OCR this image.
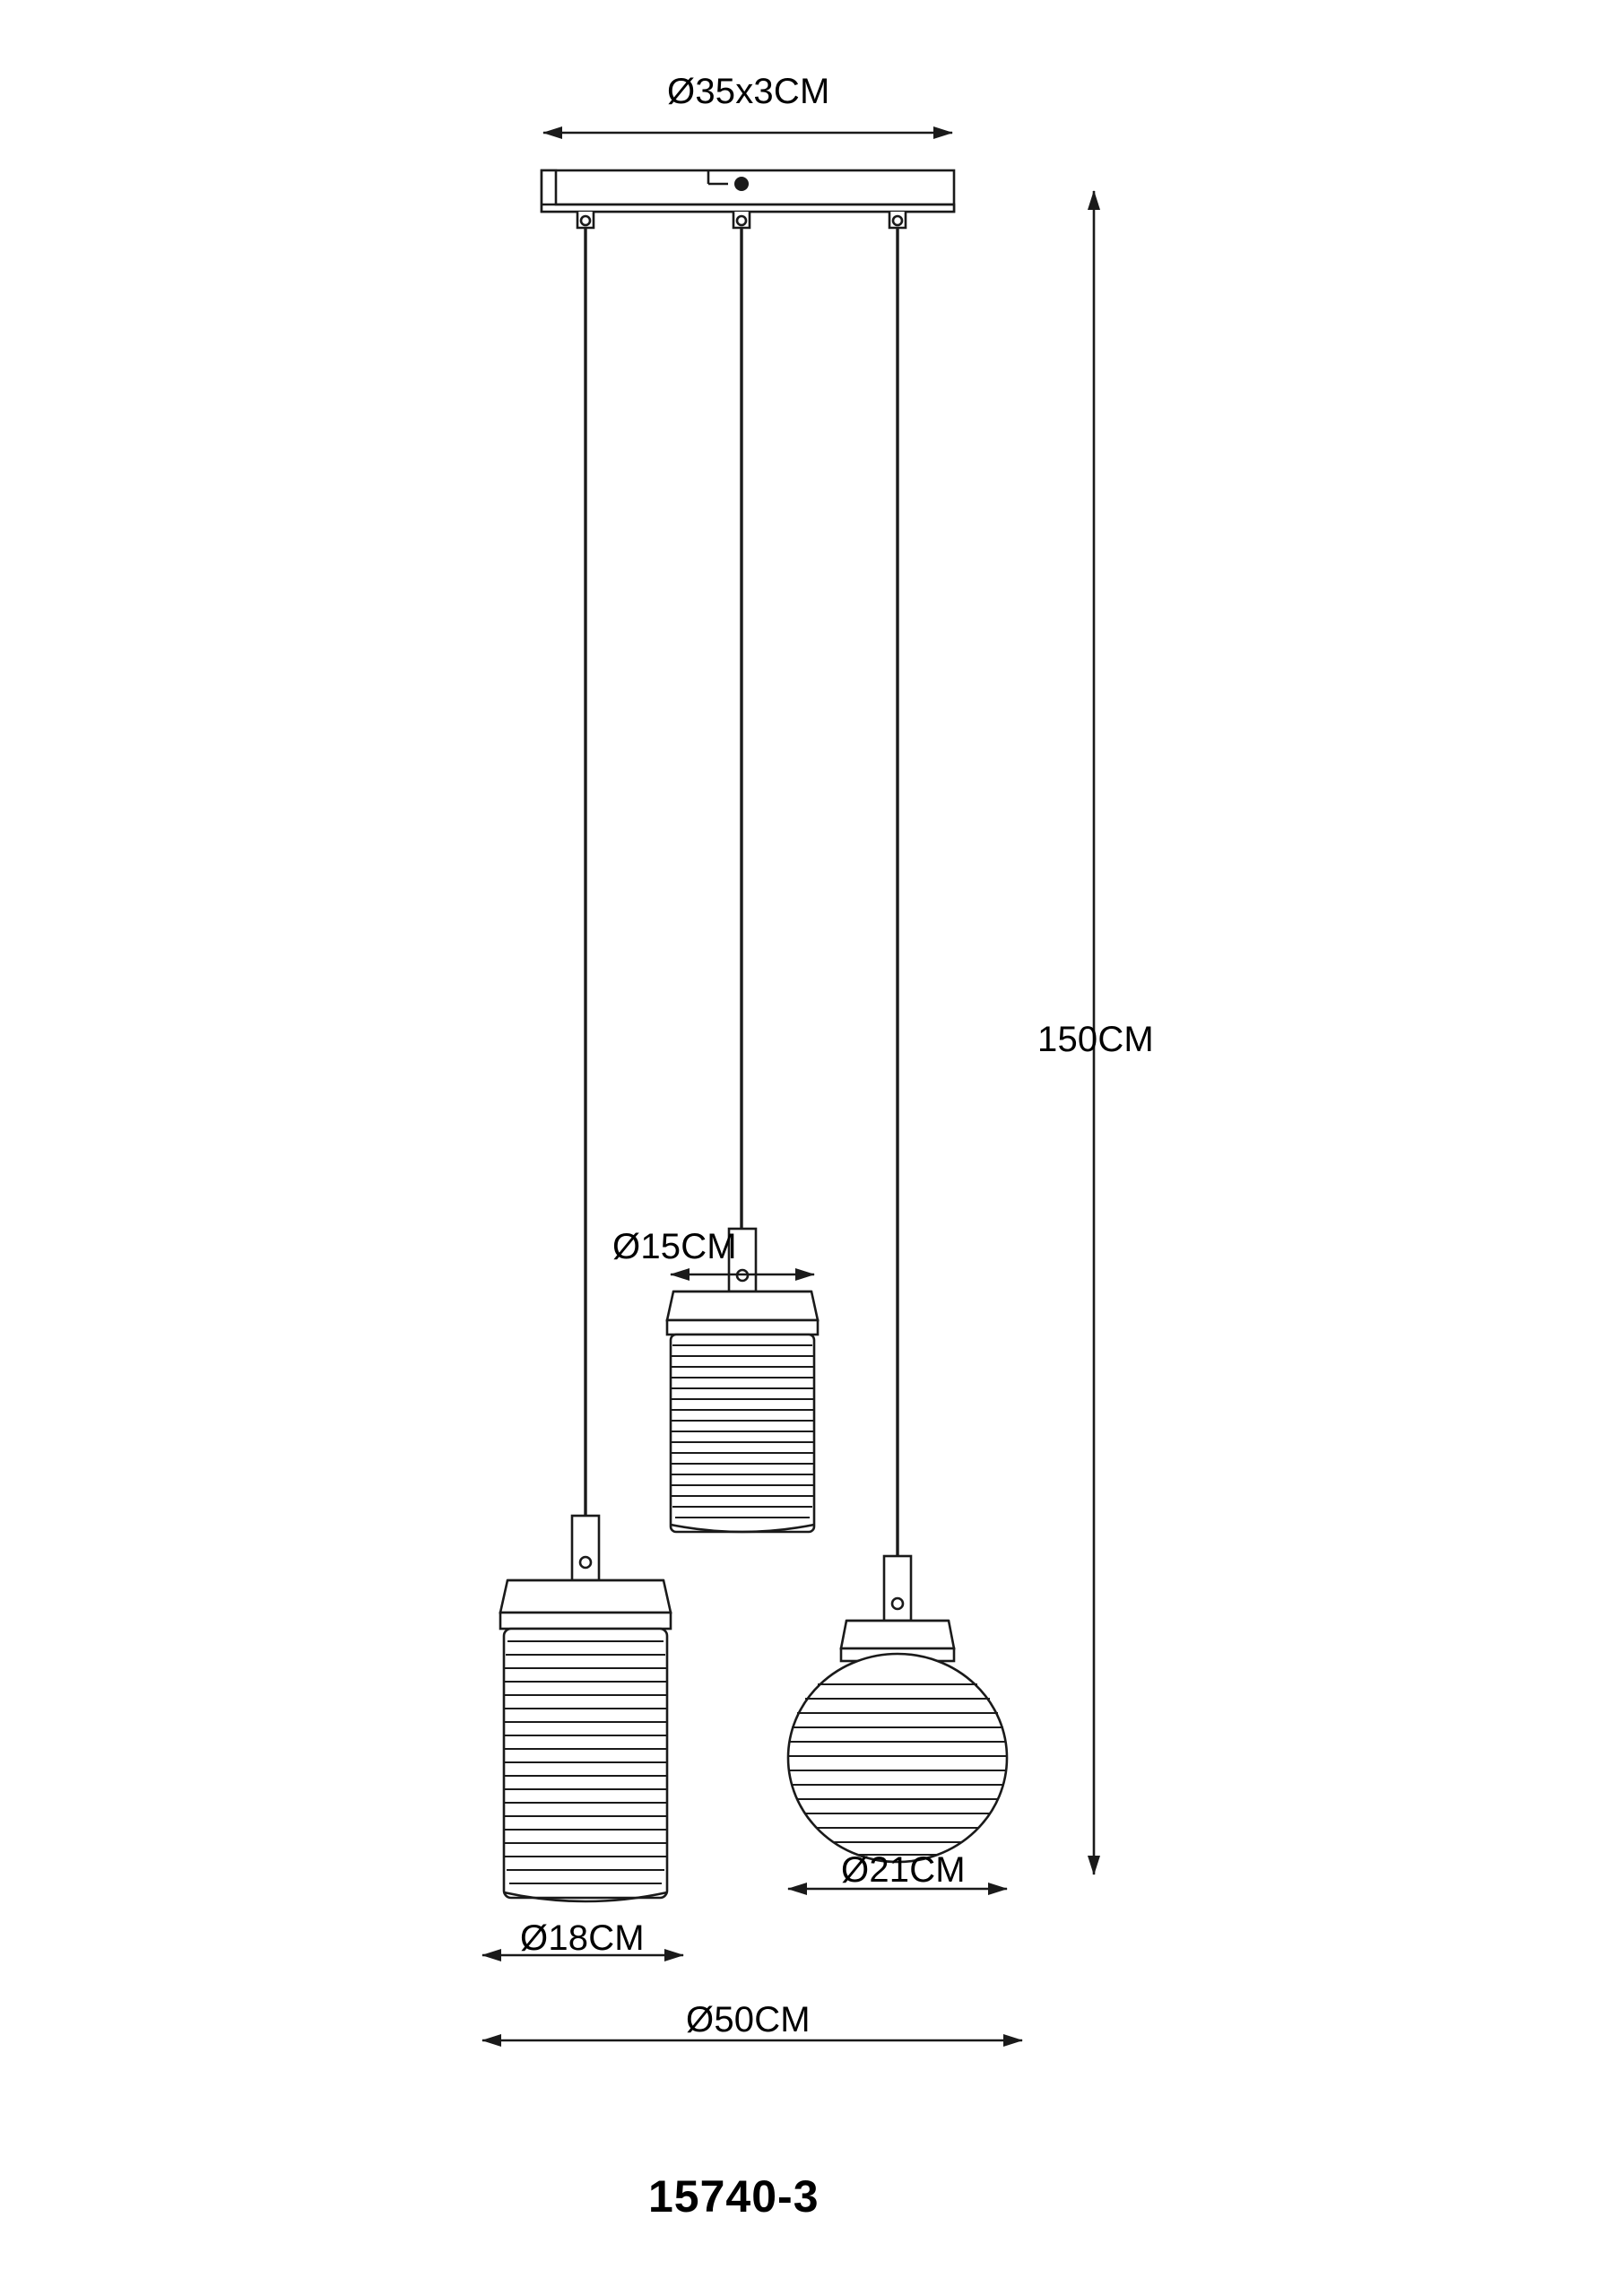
Ø35x3CM
150CM
Ø15CM
Ø21CM
Ø18CM
Ø50CM
15740-3
